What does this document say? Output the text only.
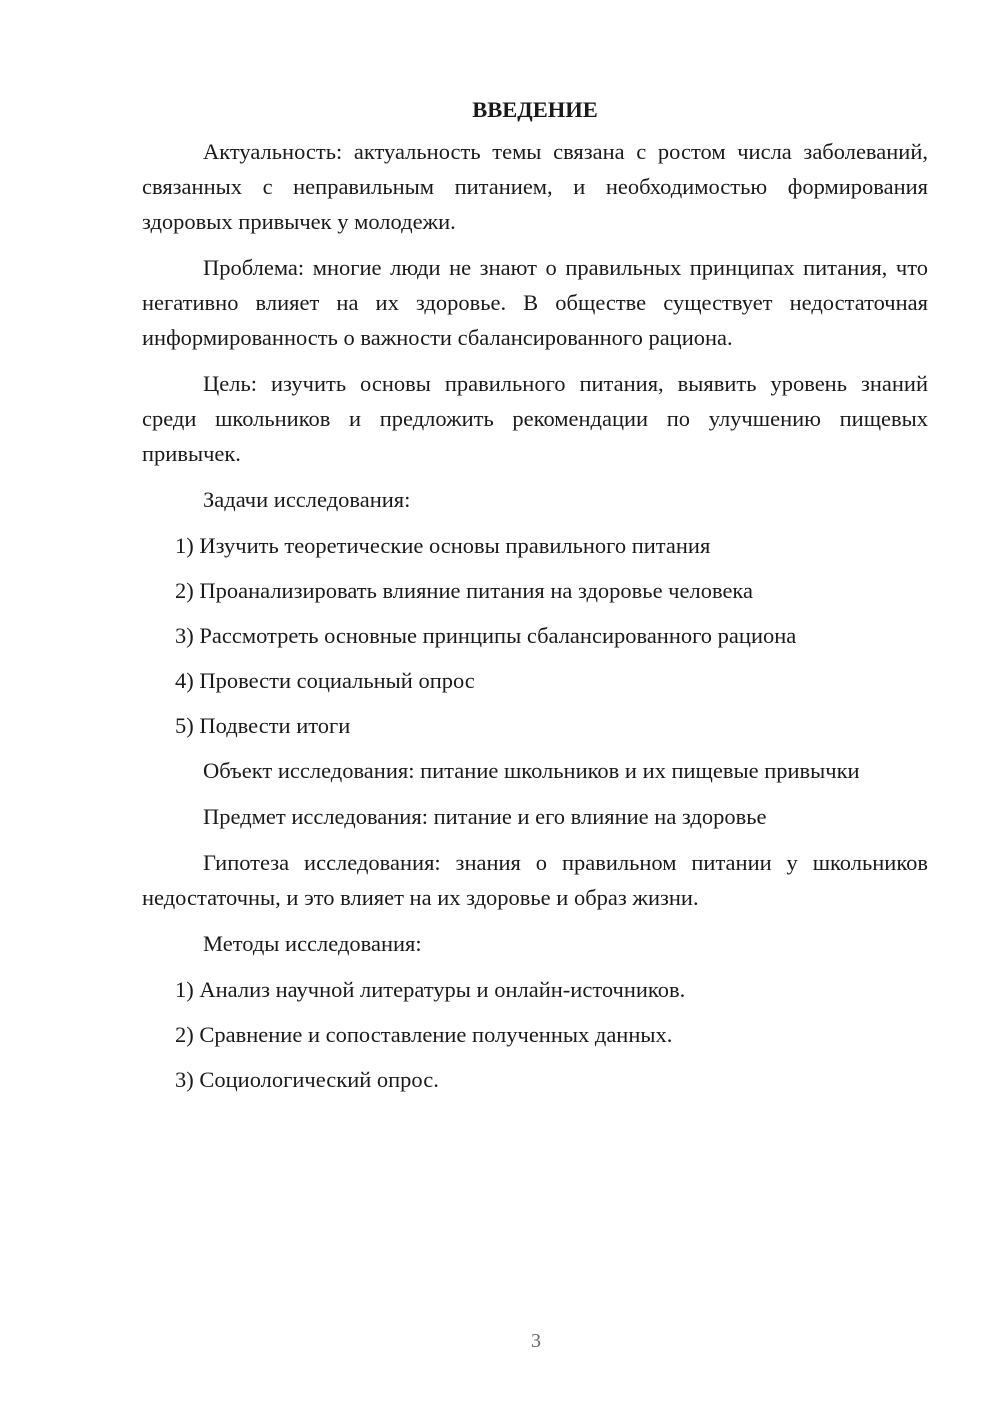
ВВЕДЕНИЕ

Актуальность: актуальность темы связана с ростом числа заболеваний, связанных с неправильным питанием, и необходимостью формирования здоровых привычек у молодежи.

Проблема: многие люди не знают о правильных принципах питания, что негативно влияет на их здоровье. В обществе существует недостаточная информированность о важности сбалансированного рациона.

Цель: изучить основы правильного питания, выявить уровень знаний среди школьников и предложить рекомендации по улучшению пищевых привычек.

Задачи исследования:

1) Изучить теоретические основы правильного питания
2) Проанализировать влияние питания на здоровье человека
3) Рассмотреть основные принципы сбалансированного рациона
4) Провести социальный опрос
5) Подвести итоги

Объект исследования: питание школьников и их пищевые привычки

Предмет исследования: питание и его влияние на здоровье

Гипотеза исследования: знания о правильном питании у школьников недостаточны, и это влияет на их здоровье и образ жизни.

Методы исследования:

1) Анализ научной литературы и онлайн-источников.
2) Сравнение и сопоставление полученных данных.
3) Социологический опрос.
3
